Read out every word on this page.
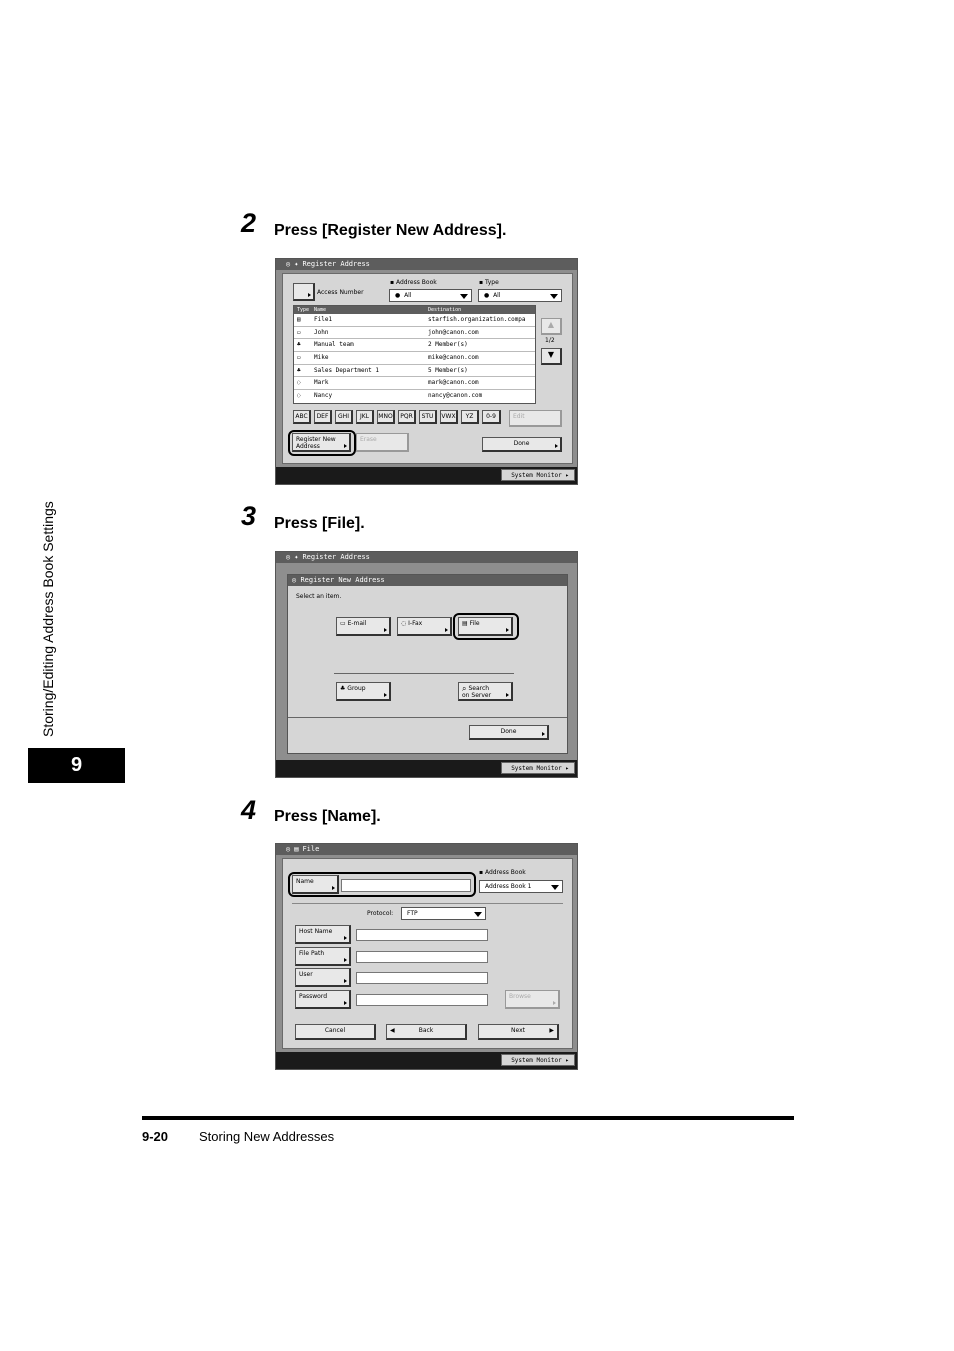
Storing/Editing Address Book Settings
9
2 Press [Register New Address].
◎ ✦ Register Address
Access Number
▪ Address Book
●  All
▪ Type
●  All
Type Name	Destination
▤ File1	starfish.organization.compa
▭ John	john@canon.com
♣ Manual team	2 Member(s)
▭ Mike	mike@canon.com
♣ Sales Department 1	5 Member(s)
◌ Mark	mark@canon.com
◌ Nancy	nancy@canon.com
▲
1/2
▼
ABC	DEF	GHI	JKL	MNO	PQR	STU	VWX	YZ	0-9	Edit
Register New
Address
Erase
Done
System Monitor ▸
3 Press [File].
◎ ✦ Register Address
◎ Register New Address
Select an item.
▭ E-mail	◌ I-Fax	▤ File
♣ Group	⌕ Search
on Server
Done
System Monitor ▸
4 Press [Name].
◎ ▤ File
Name
▪ Address Book
Address Book 1
Protocol:	FTP
Host Name
File Path
User
Password	Browse
Cancel	◀	Back	Next	▶
System Monitor ▸
9-20 Storing New Addresses
